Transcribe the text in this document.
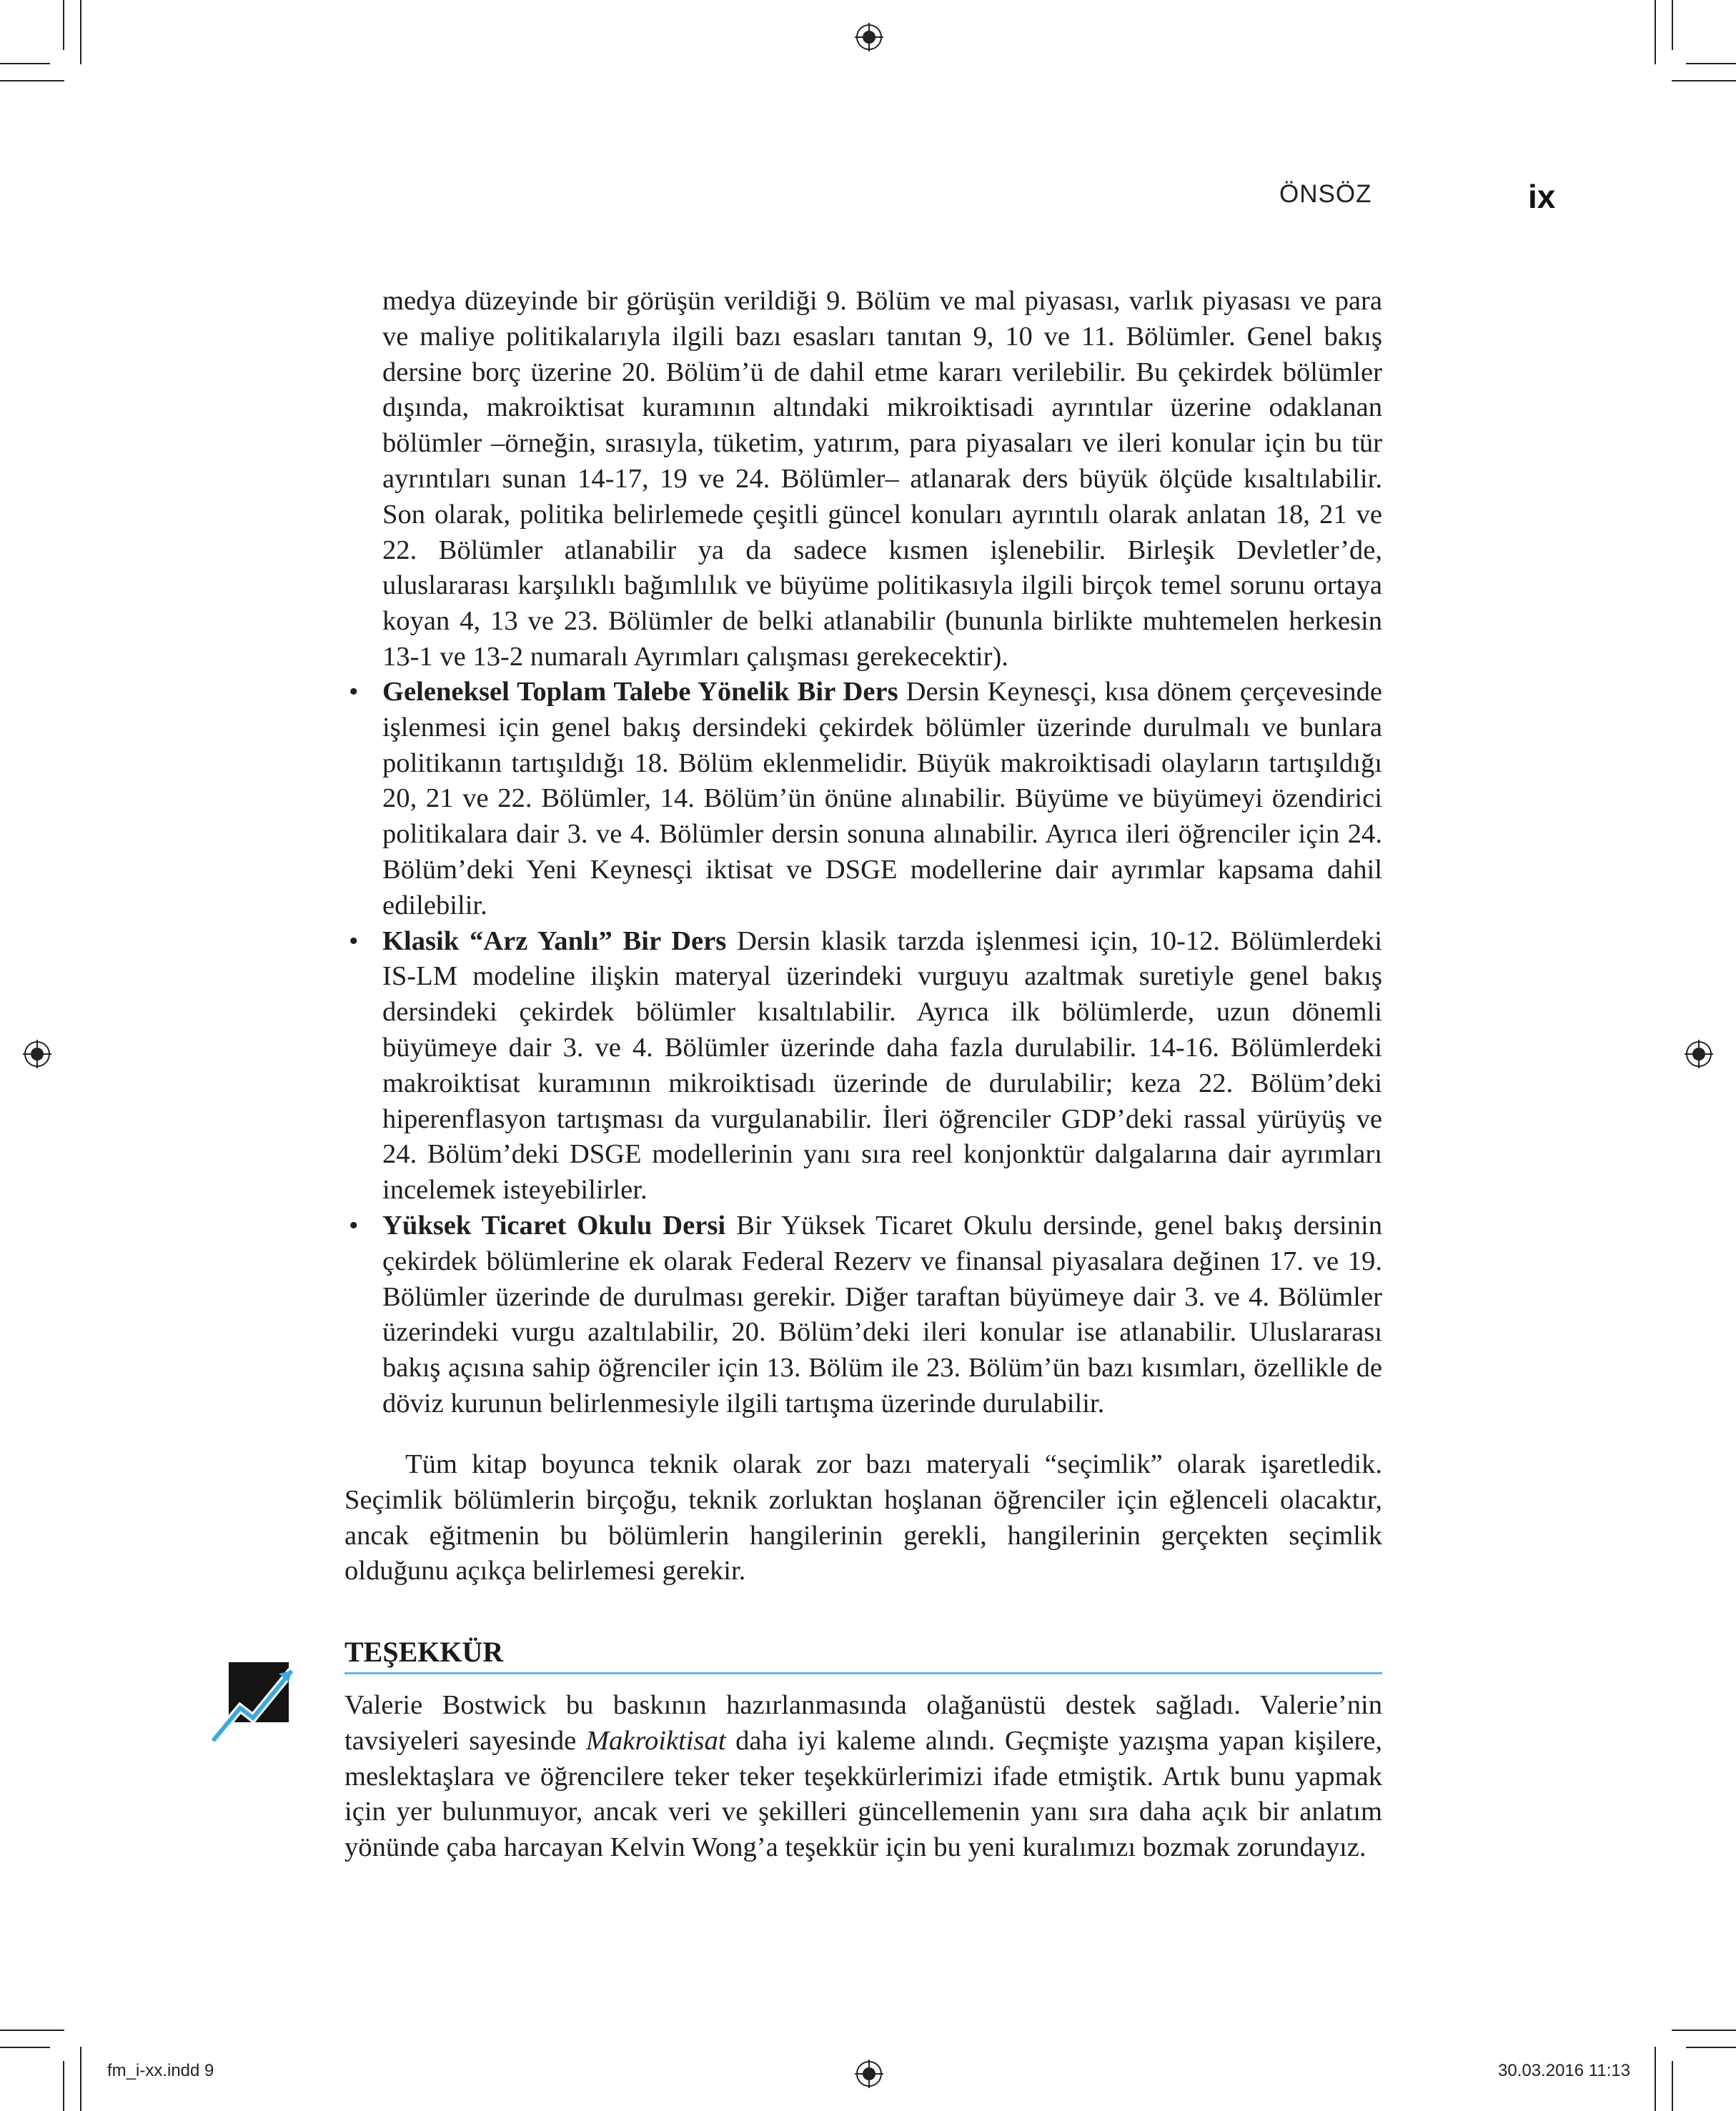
ÖNSÖZ	ix
medya düzeyinde bir görüşün verildiği 9. Bölüm ve mal piyasası, varlık piyasası ve para ve maliye politikalarıyla ilgili bazı esasları tanıtan 9, 10 ve 11. Bölümler. Genel bakış dersine borç üzerine 20. Bölüm’ü de dahil etme kararı verilebilir. Bu çekirdek bölümler dışında, makroiktisat kuramının altındaki mikroiktisadi ayrıntılar üzerine odaklanan bölümler –örneğin, sırasıyla, tüketim, yatırım, para piyasaları ve ileri konular için bu tür ayrıntıları sunan 14-17, 19 ve 24. Bölümler– atlanarak ders büyük ölçüde kısaltılabilir. Son olarak, politika belirlemede çeşitli güncel konuları ayrıntılı olarak anlatan 18, 21 ve 22. Bölümler atlanabilir ya da sadece kısmen işlenebilir. Birleşik Devletler’de, uluslararası karşılıklı bağımlılık ve büyüme politikasıyla ilgili birçok temel sorunu ortaya koyan 4, 13 ve 23. Bölümler de belki atlanabilir (bununla birlikte muhtemelen herkesin 13-1 ve 13-2 numaralı Ayrımları çalışması gerekecektir).
• Geleneksel Toplam Talebe Yönelik Bir Ders Dersin Keynesçi, kısa dönem çerçevesinde işlenmesi için genel bakış dersindeki çekirdek bölümler üzerinde durulmalı ve bunlara politikanın tartışıldığı 18. Bölüm eklenmelidir. Büyük makroiktisadi olayların tartışıldığı 20, 21 ve 22. Bölümler, 14. Bölüm’ün önüne alınabilir. Büyüme ve büyümeyi özendirici politikalara dair 3. ve 4. Bölümler dersin sonuna alınabilir. Ayrıca ileri öğrenciler için 24. Bölüm’deki Yeni Keynesçi iktisat ve DSGE modellerine dair ayrımlar kapsama dahil edilebilir.
• Klasik “Arz Yanlı” Bir Ders Dersin klasik tarzda işlenmesi için, 10-12. Bölümlerdeki IS-LM modeline ilişkin materyal üzerindeki vurguyu azaltmak suretiyle genel bakış dersindeki çekirdek bölümler kısaltılabilir. Ayrıca ilk bölümlerde, uzun dönemli büyümeye dair 3. ve 4. Bölümler üzerinde daha fazla durulabilir. 14-16. Bölümlerdeki makroiktisat kuramının mikroiktisadı üzerinde de durulabilir; keza 22. Bölüm’deki hiperenflasyon tartışması da vurgulanabilir. İleri öğrenciler GDP’deki rassal yürüyüş ve 24. Bölüm’deki DSGE modellerinin yanı sıra reel konjonktür dalgalarına dair ayrımları incelemek isteyebilirler.
• Yüksek Ticaret Okulu Dersi Bir Yüksek Ticaret Okulu dersinde, genel bakış dersinin çekirdek bölümlerine ek olarak Federal Rezerv ve finansal piyasalara değinen 17. ve 19. Bölümler üzerinde de durulması gerekir. Diğer taraftan büyümeye dair 3. ve 4. Bölümler üzerindeki vurgu azaltılabilir, 20. Bölüm’deki ileri konular ise atlanabilir. Uluslararası bakış açısına sahip öğrenciler için 13. Bölüm ile 23. Bölüm’ün bazı kısımları, özellikle de döviz kurunun belirlenmesiyle ilgili tartışma üzerinde durulabilir.
Tüm kitap boyunca teknik olarak zor bazı materyali “seçimlik” olarak işaretledik. Seçimlik bölümlerin birçoğu, teknik zorluktan hoşlanan öğrenciler için eğlenceli olacaktır, ancak eğitmenin bu bölümlerin hangilerinin gerekli, hangilerinin gerçekten seçimlik olduğunu açıkça belirlemesi gerekir.
TEŞEKKÜR
Valerie Bostwick bu baskının hazırlanmasında olağanüstü destek sağladı. Valerie’nin tavsiyeleri sayesinde Makroiktisat daha iyi kaleme alındı. Geçmişte yazışma yapan kişilere, meslektaşlara ve öğrencilere teker teker teşekkürlerimizi ifade etmiştik. Artık bunu yapmak için yer bulunmuyor, ancak veri ve şekilleri güncellemenin yanı sıra daha açık bir anlatım yönünde çaba harcayan Kelvin Wong’a teşekkür için bu yeni kuralımızı bozmak zorundayız.
fm_i-xx.indd 9	30.03.2016 11:13
